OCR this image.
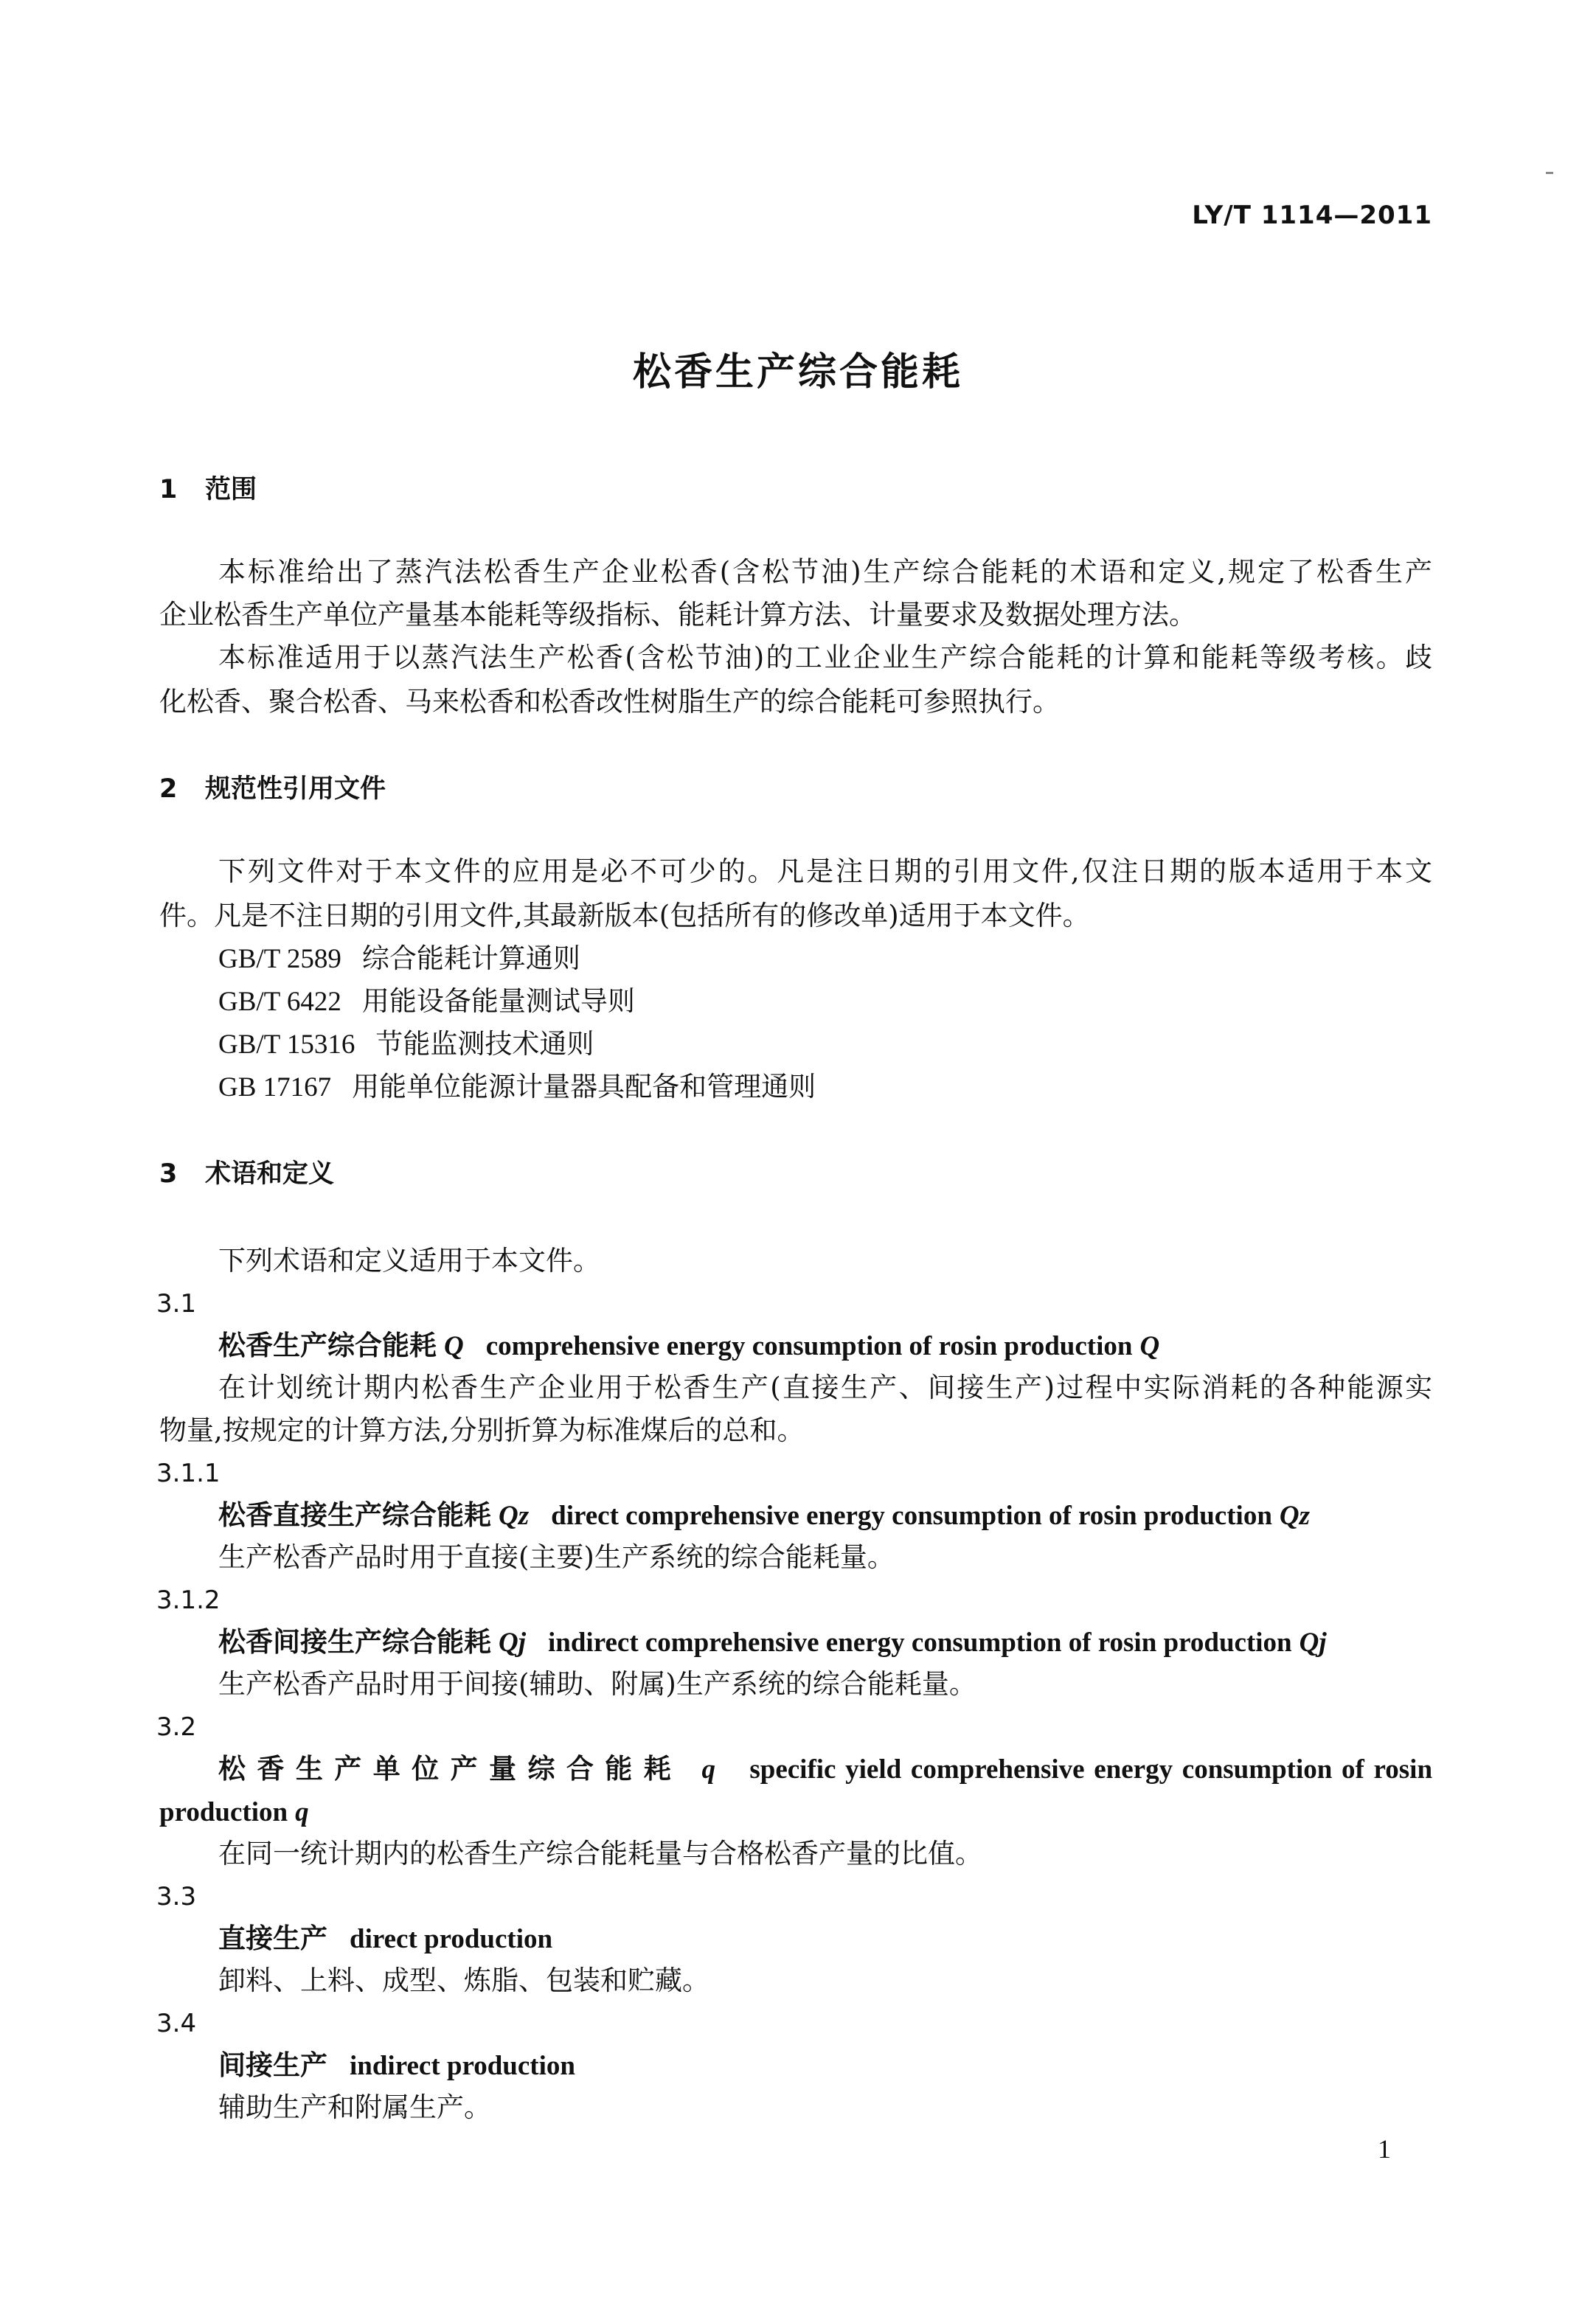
LY/T 1114—2011
松香生产综合能耗
1 范围
本标准给出了蒸汽法松香生产企业松香(含松节油)生产综合能耗的术语和定义,规定了松香生产
企业松香生产单位产量基本能耗等级指标、能耗计算方法、计量要求及数据处理方法。
本标准适用于以蒸汽法生产松香(含松节油)的工业企业生产综合能耗的计算和能耗等级考核。歧
化松香、聚合松香、马来松香和松香改性树脂生产的综合能耗可参照执行。
2 规范性引用文件
下列文件对于本文件的应用是必不可少的。凡是注日期的引用文件,仅注日期的版本适用于本文
件。凡是不注日期的引用文件,其最新版本(包括所有的修改单)适用于本文件。
GB/T 2589 综合能耗计算通则
GB/T 6422 用能设备能量测试导则
GB/T 15316 节能监测技术通则
GB 17167 用能单位能源计量器具配备和管理通则
3 术语和定义
下列术语和定义适用于本文件。
3.1
松香生产综合能耗 Q comprehensive energy consumption of rosin production Q
在计划统计期内松香生产企业用于松香生产(直接生产、间接生产)过程中实际消耗的各种能源实
物量,按规定的计算方法,分别折算为标准煤后的总和。
3.1.1
松香直接生产综合能耗 Qz direct comprehensive energy consumption of rosin production Qz
生产松香产品时用于直接(主要)生产系统的综合能耗量。
3.1.2
松香间接生产综合能耗 Qj indirect comprehensive energy consumption of rosin production Qj
生产松香产品时用于间接(辅助、附属)生产系统的综合能耗量。
3.2
松香生产单位产量综合能耗 q specific yield comprehensive energy consumption of rosin
production q
在同一统计期内的松香生产综合能耗量与合格松香产量的比值。
3.3
直接生产 direct production
卸料、上料、成型、炼脂、包装和贮藏。
3.4
间接生产 indirect production
辅助生产和附属生产。
1
